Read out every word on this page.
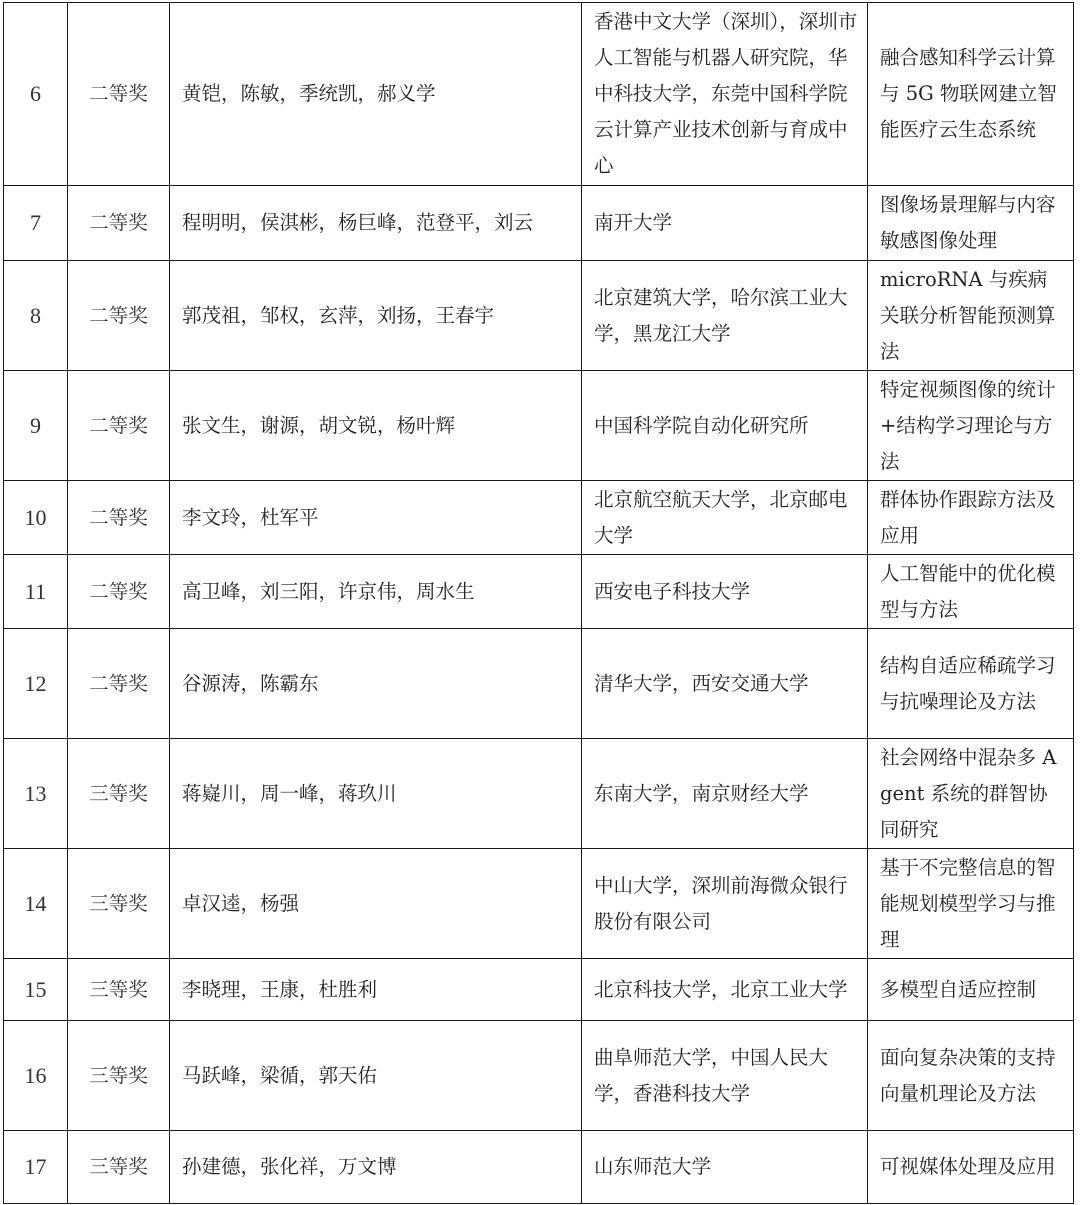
6	二等奖	黄铠，陈敏，季统凯，郝义学	香港中文大学（深圳），深圳市人工智能与机器人研究院，华中科技大学，东莞中国科学院云计算产业技术创新与育成中心	融合感知科学云计算与 5G 物联网建立智能医疗云生态系统
7	二等奖	程明明，侯淇彬，杨巨峰，范登平，刘云	南开大学	图像场景理解与内容敏感图像处理
8	二等奖	郭茂祖，邹权，玄萍，刘扬，王春宇	北京建筑大学，哈尔滨工业大学，黑龙江大学	microRNA 与疾病关联分析智能预测算法
9	二等奖	张文生，谢源，胡文锐，杨叶辉	中国科学院自动化研究所	特定视频图像的统计+结构学习理论与方法
10	二等奖	李文玲，杜军平	北京航空航天大学，北京邮电大学	群体协作跟踪方法及应用
11	二等奖	高卫峰，刘三阳，许京伟，周水生	西安电子科技大学	人工智能中的优化模型与方法
12	二等奖	谷源涛，陈霸东	清华大学，西安交通大学	结构自适应稀疏学习与抗噪理论及方法
13	三等奖	蒋嶷川，周一峰，蒋玖川	东南大学，南京财经大学	社会网络中混杂多 Agent 系统的群智协同研究
14	三等奖	卓汉逵，杨强	中山大学，深圳前海微众银行股份有限公司	基于不完整信息的智能规划模型学习与推理
15	三等奖	李晓理，王康，杜胜利	北京科技大学，北京工业大学	多模型自适应控制
16	三等奖	马跃峰，梁循，郭天佑	曲阜师范大学，中国人民大学，香港科技大学	面向复杂决策的支持向量机理论及方法
17	三等奖	孙建德，张化祥，万文博	山东师范大学	可视媒体处理及应用
